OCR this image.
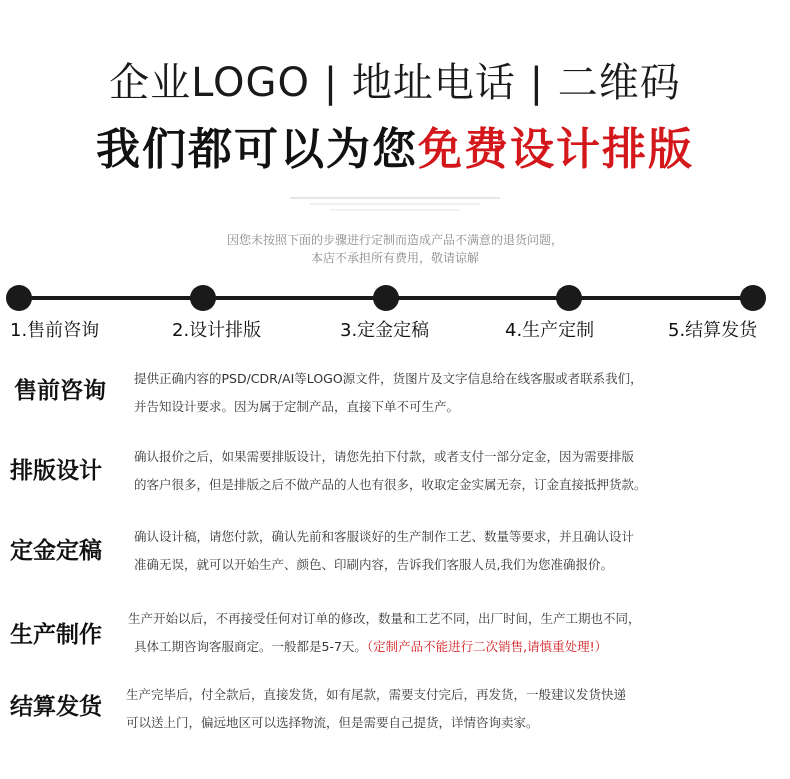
企业LOGO | 地址电话 | 二维码
我们都可以为您免费设计排版
因您未按照下面的步骤进行定制而造成产品不满意的退货问题，
本店不承担所有费用，敬请谅解
1.售前咨询	2.设计排版	3.定金定稿	4.生产定制	5.结算发货
售前咨询 提供正确内容的PSD/CDR/AI等LOGO源文件，货图片及文字信息给在线客服或者联系我们，
并告知设计要求。因为属于定制产品，直接下单不可生产。
排版设计
确认报价之后，如果需要排版设计，请您先拍下付款，或者支付一部分定金，因为需要排版
的客户很多，但是排版之后不做产品的人也有很多，收取定金实属无奈，订金直接抵押货款。
定金定稿
确认设计稿，请您付款，确认先前和客服谈好的生产制作工艺、数量等要求，并且确认设计
准确无误，就可以开始生产、颜色、印刷内容，告诉我们客服人员,我们为您准确报价。
生产制作
生产开始以后，不再接受任何对订单的修改，数量和工艺不同，出厂时间，生产工期也不同，
具体工期咨询客服商定。一般都是5-7天。（定制产品不能进行二次销售,请慎重处理!）
结算发货 生产完毕后，付全款后，直接发货，如有尾款，需要支付完后，再发货，一般建议发货快递
可以送上门，偏远地区可以选择物流，但是需要自己提货，详情咨询卖家。
